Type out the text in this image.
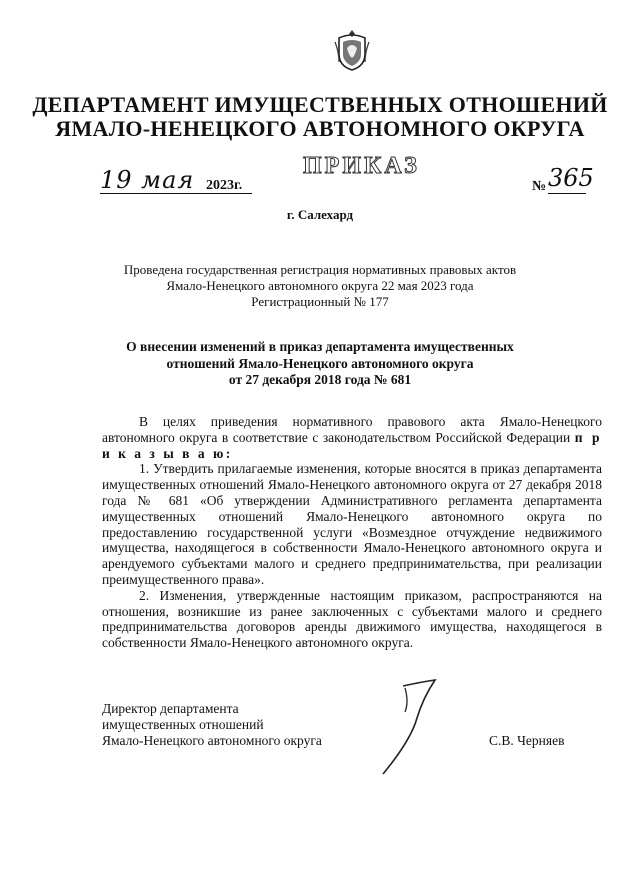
ДЕПАРТАМЕНТ ИМУЩЕСТВЕННЫХ ОТНОШЕНИЙ
ЯМАЛО-НЕНЕЦКОГО АВТОНОМНОГО ОКРУГА
ПРИКАЗ
19 мая 2023г.	№ 365
г. Салехард
Проведена государственная регистрация нормативных правовых актов
Ямало-Ненецкого автономного округа 22 мая 2023 года
Регистрационный № 177
О внесении изменений в приказ департамента имущественных
отношений Ямало-Ненецкого автономного округа
от 27 декабря 2018 года № 681

В целях приведения нормативного правового акта Ямало-Ненецкого автономного округа в соответствие с законодательством Российской Федерации п р и к а з ы в а ю:

1. Утвердить прилагаемые изменения, которые вносятся в приказ департамента имущественных отношений Ямало-Ненецкого автономного округа от 27 декабря 2018 года № 681 «Об утверждении Административного регламента департамента имущественных отношений Ямало-Ненецкого автономного округа по предоставлению государственной услуги «Возмездное отчуждение недвижимого имущества, находящегося в собственности Ямало-Ненецкого автономного округа и арендуемого субъектами малого и среднего предпринимательства, при реализации преимущественного права».

2. Изменения, утвержденные настоящим приказом, распространяются на отношения, возникшие из ранее заключенных с субъектами малого и среднего предпринимательства договоров аренды движимого имущества, находящегося в собственности Ямало-Ненецкого автономного округа.

Директор департамента
имущественных отношений
Ямало-Ненецкого автономного округа	С.В. Черняев
